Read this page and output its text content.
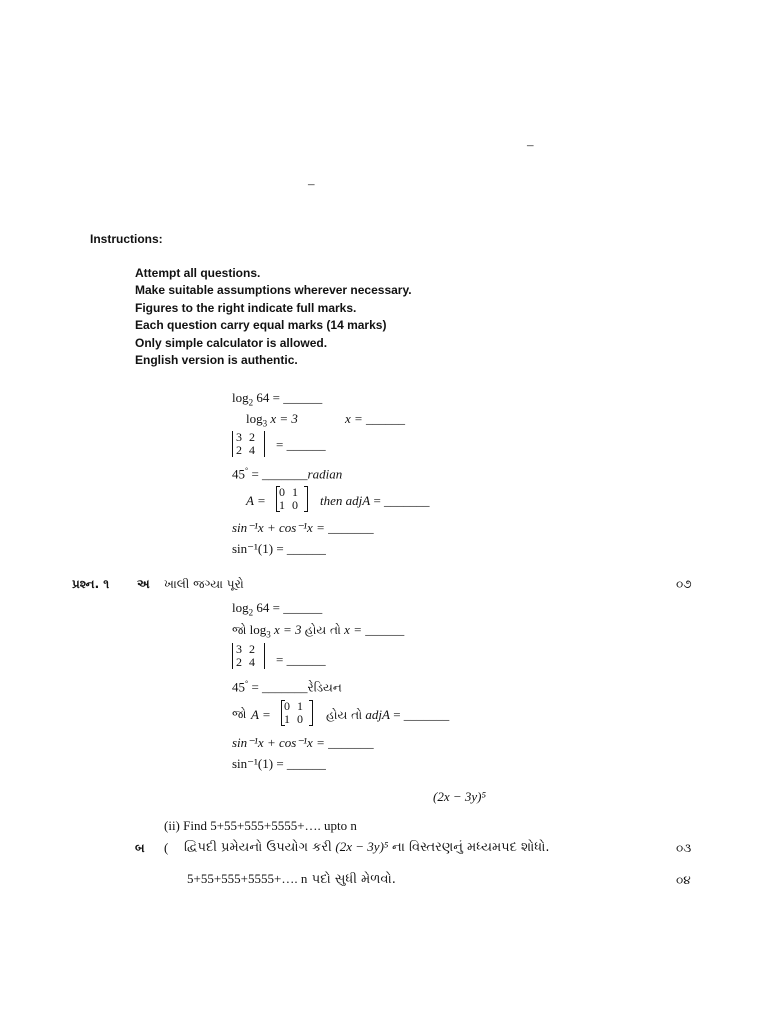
–
–
Instructions:
Attempt all questions.
Make suitable assumptions wherever necessary.
Figures to the right indicate full marks.
Each question carry equal marks (14 marks)
Only simple calculator is allowed.
English version is authentic.
$\log_2 64$ = ______
$\log_3 x = 3$	x = ______
3 2
2 4	= ______
45° = _______radian
A =
0 1
1 0	then adjA = _______
sin⁻¹x + cos⁻¹x = _______
sin⁻¹(1) = ______
પ્રશ્ન. ૧ અ ખાલી જગ્યા પૂરો	૦૭
$\log_2 64$ = ______
જો $\log_3 x = 3$ હોય તો x = ______
3 2
2 4	= ______
45° = _______રેડિયન
જો A =
0 1
1 0	હોય તો adjA = _______
sin⁻¹x + cos⁻¹x = _______
sin⁻¹(1) = ______
(2x − 3y)⁵
(ii) Find 5+55+555+5555+…. upto n
બ ( દ્વિપદી પ્રમેયનો ઉપયોગ કરી (2x − 3y)⁵ ના વિસ્તરણનું મધ્યમપદ શોધો.	૦૩
5+55+555+5555+…. n પદો સુધી મેળવો.	૦૪
